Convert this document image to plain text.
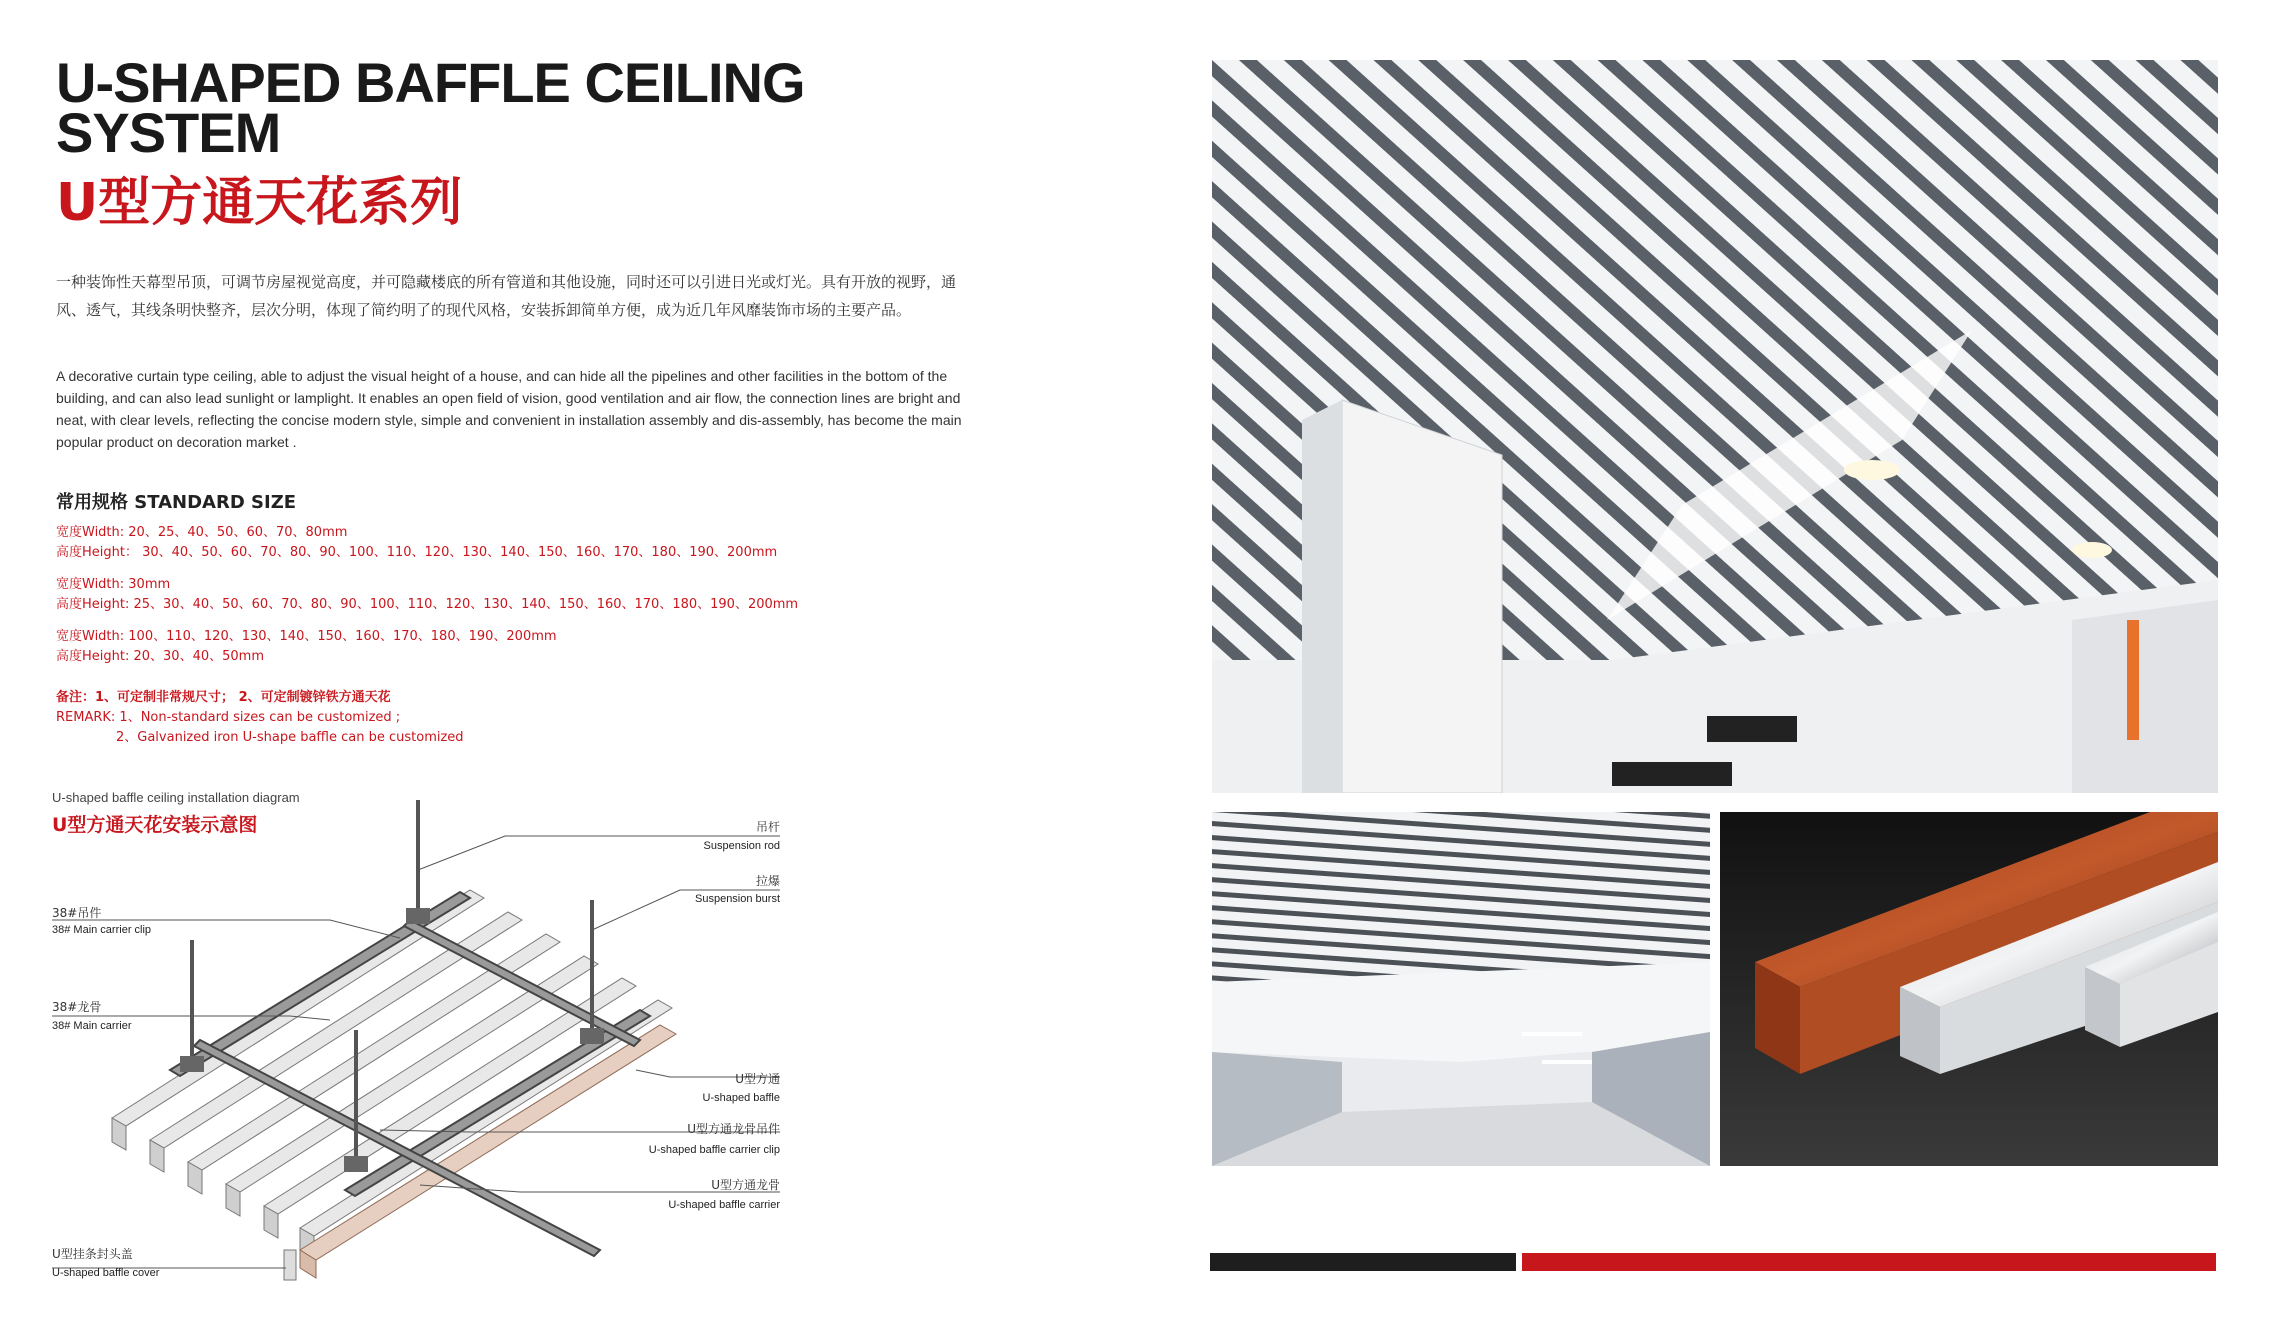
U-SHAPED BAFFLE CEILING SYSTEM
U型方通天花系列
一种装饰性天幕型吊顶，可调节房屋视觉高度，并可隐藏楼底的所有管道和其他设施，同时还可以引进日光或灯光。具有开放的视野，通风、透气，其线条明快整齐，层次分明，体现了简约明了的现代风格，安装拆卸简单方便，成为近几年风靡装饰市场的主要产品。
A decorative curtain type ceiling, able to adjust the visual height of a house, and can hide all the pipelines and other facilities in the bottom of the building, and can also lead sunlight or lamplight. It enables an open field of vision, good ventilation and air flow, the connection lines are bright and neat, with clear levels, reflecting the concise modern style, simple and convenient in installation assembly and dis-assembly, has become the main popular product on decoration market .
常用规格 STANDARD SIZE
宽度Width: 20、25、40、50、60、70、80mm
高度Height： 30、40、50、60、70、80、90、100、110、120、130、140、150、160、170、180、190、200mm
宽度Width: 30mm
高度Height: 25、30、40、50、60、70、80、90、100、110、120、130、140、150、160、170、180、190、200mm
宽度Width: 100、110、120、130、140、150、160、170、180、190、200mm
高度Height: 20、30、40、50mm
备注：1、可定制非常规尺寸； 2、可定制镀锌铁方通天花
REMARK: 1、Non-standard sizes can be customized ;
2、Galvanized iron U-shape baffle can be customized
U-shaped baffle ceiling installation diagram
U型方通天花安装示意图	吊杆
Suspension rod
拉爆
Suspension burst
38#吊件
38# Main carrier clip
38#龙骨
38# Main carrier
U型方通
U-shaped baffle
U型方通龙骨吊件
U-shaped baffle carrier clip
U型方通龙骨
U-shaped baffle carrier
U型挂条封头盖
U-shaped baffle cover
